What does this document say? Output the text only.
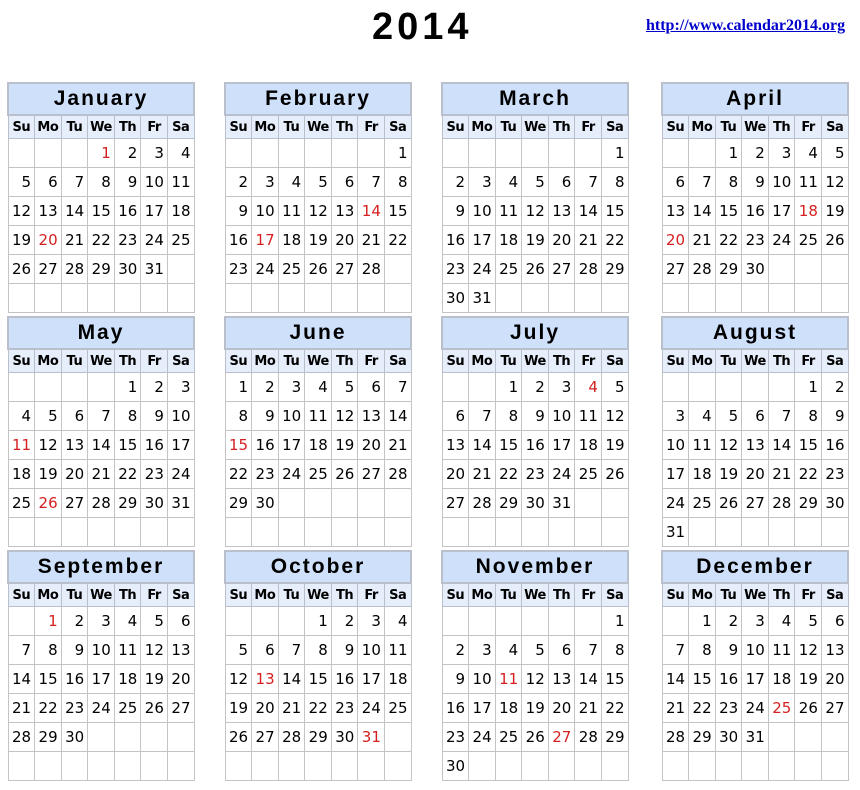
2014	http://www.calendar2014.org
January						
Su	Mo	Tu	We	Th	Fr	Sa
			1	2	3	4
5	6	7	8	9	10	11
12	13	14	15	16	17	18
19	20	21	22	23	24	25
26	27	28	29	30	31	

February						
Su	Mo	Tu	We	Th	Fr	Sa
						1
2	3	4	5	6	7	8
9	10	11	12	13	14	15
16	17	18	19	20	21	22
23	24	25	26	27	28	

March						
Su	Mo	Tu	We	Th	Fr	Sa
						1
2	3	4	5	6	7	8
9	10	11	12	13	14	15
16	17	18	19	20	21	22
23	24	25	26	27	28	29
30	31					
April						
Su	Mo	Tu	We	Th	Fr	Sa
		1	2	3	4	5
6	7	8	9	10	11	12
13	14	15	16	17	18	19
20	21	22	23	24	25	26
27	28	29	30			

May						
Su	Mo	Tu	We	Th	Fr	Sa
				1	2	3
4	5	6	7	8	9	10
11	12	13	14	15	16	17
18	19	20	21	22	23	24
25	26	27	28	29	30	31

June						
Su	Mo	Tu	We	Th	Fr	Sa
1	2	3	4	5	6	7
8	9	10	11	12	13	14
15	16	17	18	19	20	21
22	23	24	25	26	27	28
29	30					

July						
Su	Mo	Tu	We	Th	Fr	Sa
		1	2	3	4	5
6	7	8	9	10	11	12
13	14	15	16	17	18	19
20	21	22	23	24	25	26
27	28	29	30	31		

August						
Su	Mo	Tu	We	Th	Fr	Sa
					1	2
3	4	5	6	7	8	9
10	11	12	13	14	15	16
17	18	19	20	21	22	23
24	25	26	27	28	29	30
31						
September						
Su	Mo	Tu	We	Th	Fr	Sa
	1	2	3	4	5	6
7	8	9	10	11	12	13
14	15	16	17	18	19	20
21	22	23	24	25	26	27
28	29	30				

October						
Su	Mo	Tu	We	Th	Fr	Sa
			1	2	3	4
5	6	7	8	9	10	11
12	13	14	15	16	17	18
19	20	21	22	23	24	25
26	27	28	29	30	31	

November						
Su	Mo	Tu	We	Th	Fr	Sa
						1
2	3	4	5	6	7	8
9	10	11	12	13	14	15
16	17	18	19	20	21	22
23	24	25	26	27	28	29
30						
December						
Su	Mo	Tu	We	Th	Fr	Sa
	1	2	3	4	5	6
7	8	9	10	11	12	13
14	15	16	17	18	19	20
21	22	23	24	25	26	27
28	29	30	31			
